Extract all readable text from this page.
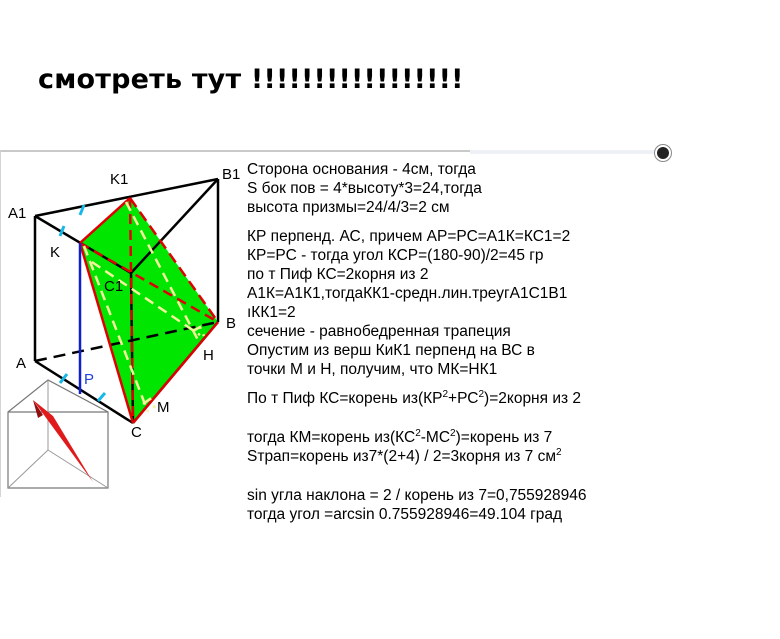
смотреть тут !!!!!!!!!!!!!!!!!
K1	B1
A1
K
C1
B
A	H
P
M
C
Сторона основания - 4см, тогда
S бок пов = 4*высоту*3=24,тогда
высота призмы=24/4/3=2 см
КР перпенд. АС, причем АР=РС=А1К=КС1=2
КР=РС - тогда угол КСР=(180-90)/2=45 гр
по т Пиф КС=2корня из 2
А1К=А1К1,тогдаКК1-средн.лин.треугА1С1В1
ıКК1=2
сечение - равнобедренная трапеция
Опустим из верш КиК1 перпенд на ВС в
точки М и Н, получим, что МК=НК1
По т Пиф КС=корень $из(КР^2+РС^2)=2корня$ из 2
тогда КМ=корень $из(КС^2-МС^2)=корень$ из 7
Sтрап=корень из7*(2+4) / 2=3корня из 7 $см^2$
sin угла наклона = 2 / корень из 7=0,755928946
тогда угол =arcsin 0.755928946=49.104 град
